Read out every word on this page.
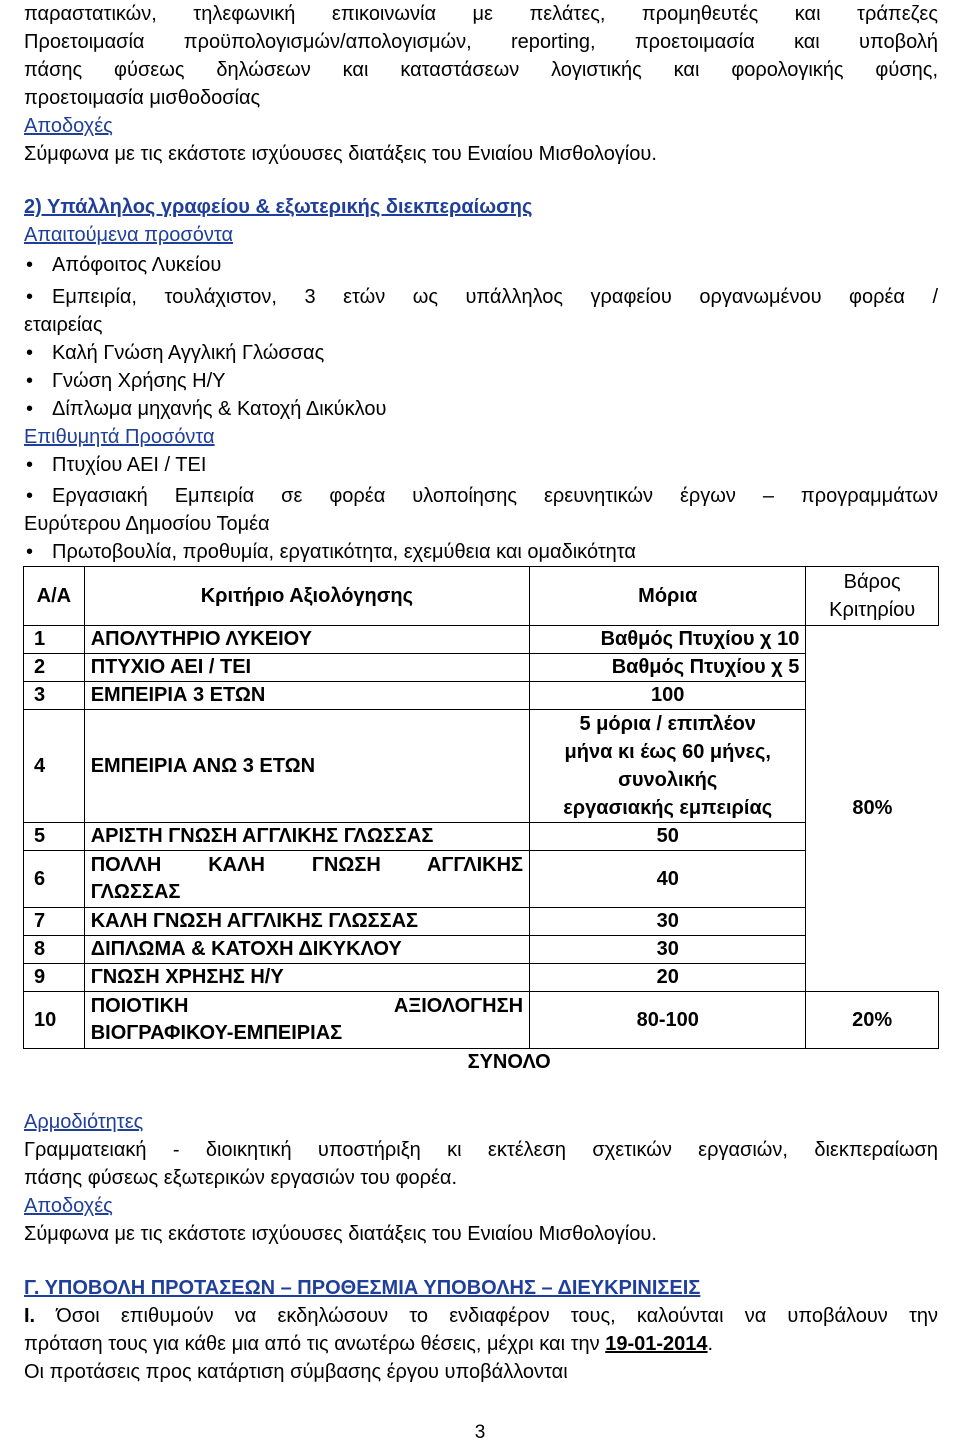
παραστατικών, τηλεφωνική επικοινωνία με πελάτες, προμηθευτές και τράπεζες
Προετοιμασία προϋπολογισμών/απολογισμών, reporting, προετοιμασία και υποβολή
πάσης φύσεως δηλώσεων και καταστάσεων λογιστικής και φορολογικής φύσης,
προετοιμασία μισθοδοσίας
Αποδοχές
Σύμφωνα με τις εκάστοτε ισχύουσες διατάξεις του Ενιαίου Μισθολογίου.
2) Υπάλληλος γραφείου & εξωτερικής διεκπεραίωσης
Απαιτούμενα προσόντα
• Απόφοιτος Λυκείου
• Εμπειρία, τουλάχιστον, 3 ετών ως υπάλληλος γραφείου οργανωμένου φορέα /
εταιρείας
• Καλή Γνώση Αγγλική Γλώσσας
• Γνώση Χρήσης Η/Υ
• Δίπλωμα μηχανής & Κατοχή Δικύκλου
Επιθυμητά Προσόντα
• Πτυχίου ΑΕΙ / ΤΕΙ
• Εργασιακή Εμπειρία σε φορέα υλοποίησης ερευνητικών έργων – προγραμμάτων
Ευρύτερου Δημοσίου Τομέα
• Πρωτοβουλία, προθυμία, εργατικότητα, εχεμύθεια και ομαδικότητα
Α/Α	Κριτήριο Αξιολόγησης	Μόρια	Βάρος
Κριτηρίου

1	ΑΠΟΛΥΤΗΡΙΟ ΛΥΚΕΙΟΥ	Βαθμός Πτυχίου χ 10	80%
2	ΠΤΥΧΙΟ ΑΕΙ / ΤΕΙ	Βαθμός Πτυχίου χ 5	
3	ΕΜΠΕΙΡΙΑ 3 ΕΤΩΝ	100	
4	ΕΜΠΕΙΡΙΑ ΑΝΩ 3 ΕΤΩΝ	5 μόρια / επιπλέον
μήνα κι έως 60 μήνες,
συνολικής
εργασιακής εμπειρίας	

5	ΑΡΙΣΤΗ ΓΝΩΣΗ ΑΓΓΛΙΚΗΣ ΓΛΩΣΣΑΣ	50	
6	ΠΟΛΛΗ ΚΑΛΗ ΓΝΩΣΗ ΑΓΓΛΙΚΗΣ
ΓΛΩΣΣΑΣ	40	
7	ΚΑΛΗ ΓΝΩΣΗ ΑΓΓΛΙΚΗΣ ΓΛΩΣΣΑΣ	30	
8	ΔΙΠΛΩΜΑ & ΚΑΤΟΧΗ ΔΙΚΥΚΛΟΥ	30	
9	ΓΝΩΣΗ ΧΡΗΣΗΣ Η/Υ	20	
10	ΠΟΙΟΤΙΚΗ ΑΞΙΟΛΟΓΗΣΗ
ΒΙΟΓΡΑΦΙΚΟΥ-ΕΜΠΕΙΡΙΑΣ	80-100	20%
		ΣΥΝΟΛΟ	
Αρμοδιότητες
Γραμματειακή - διοικητική υποστήριξη κι εκτέλεση σχετικών εργασιών, διεκπεραίωση
πάσης φύσεως εξωτερικών εργασιών του φορέα.
Αποδοχές
Σύμφωνα με τις εκάστοτε ισχύουσες διατάξεις του Ενιαίου Μισθολογίου.
Γ. ΥΠΟΒΟΛΗ ΠΡΟΤΑΣΕΩΝ – ΠΡΟΘΕΣΜΙΑ ΥΠΟΒΟΛΗΣ – ΔΙΕΥΚΡΙΝΙΣΕΙΣ
Ι. Όσοι επιθυμούν να εκδηλώσουν το ενδιαφέρον τους, καλούνται να υποβάλουν την
πρόταση τους για κάθε μια από τις ανωτέρω θέσεις, μέχρι και την 19-01-2014.
Οι προτάσεις προς κατάρτιση σύμβασης έργου υποβάλλονται
3
